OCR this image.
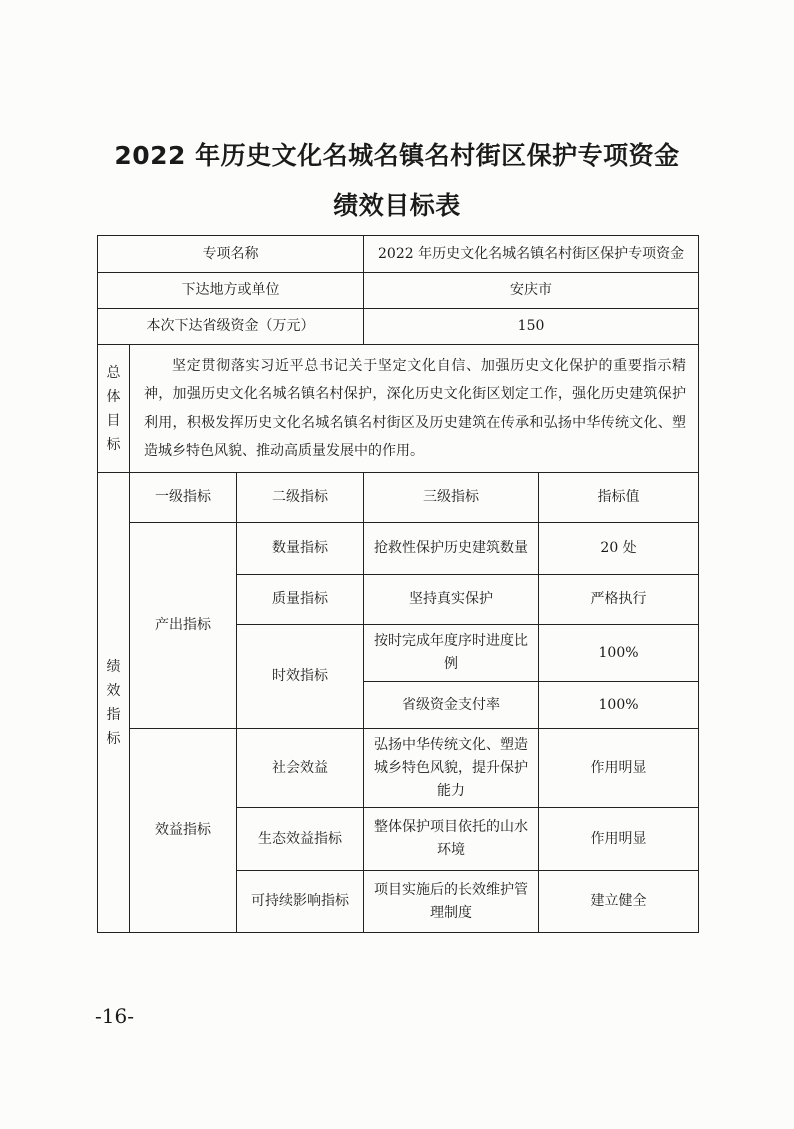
2022 年历史文化名城名镇名村街区保护专项资金
绩效目标表
专项名称			2022 年历史文化名城名镇名村街区保护专项资金	
下达地方或单位			安庆市	
本次下达省级资金（万元）			150	

总
体
目
标	坚定贯彻落实习近平总书记关于坚定文化自信、加强历史文化保护的重要指示精神，加强历史文化名城名镇名村保护，深化历史文化街区划定工作，强化历史建筑保护利用，积极发挥历史文化名城名镇名村街区及历史建筑在传承和弘扬中华传统文化、塑造城乡特色风貌、推动高质量发展中的作用。			

绩
效
指
标	一级指标	二级指标	三级指标	指标值
	产出指标	数量指标	抢救性保护历史建筑数量	20 处
		质量指标	坚持真实保护	严格执行
		时效指标	按时完成年度序时进度比例	100%
			省级资金支付率	100%
	效益指标	社会效益	弘扬中华传统文化、塑造城乡特色风貌，提升保护能力	作用明显
		生态效益指标	整体保护项目依托的山水环境	作用明显
		可持续影响指标	项目实施后的长效维护管理制度	建立健全
-16-
